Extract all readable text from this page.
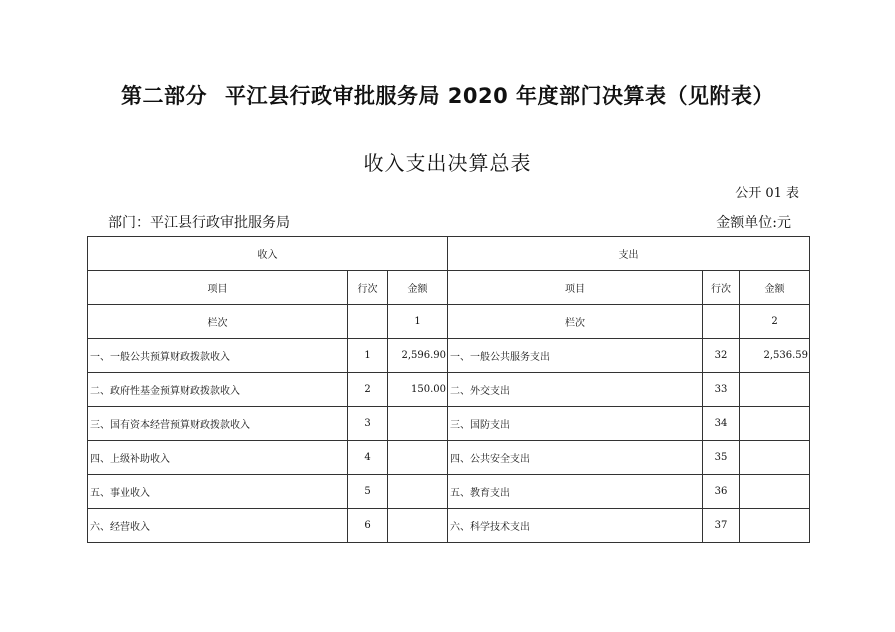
第二部分 平江县行政审批服务局 2020 年度部门决算表（见附表）
收入支出决算总表
公开 01 表
部门：平江县行政审批服务局	金额单位:元
收入			支出		
项目	行次	金额	项目	行次	金额
栏次		1	栏次		2
一、一般公共预算财政拨款收入	1	2,596.90	一、一般公共服务支出	32	2,536.59
二、政府性基金预算财政拨款收入	2	150.00	二、外交支出	33	
三、国有资本经营预算财政拨款收入	3		三、国防支出	34	
四、上级补助收入	4		四、公共安全支出	35	
五、事业收入	5		五、教育支出	36	
六、经营收入	6		六、科学技术支出	37	
